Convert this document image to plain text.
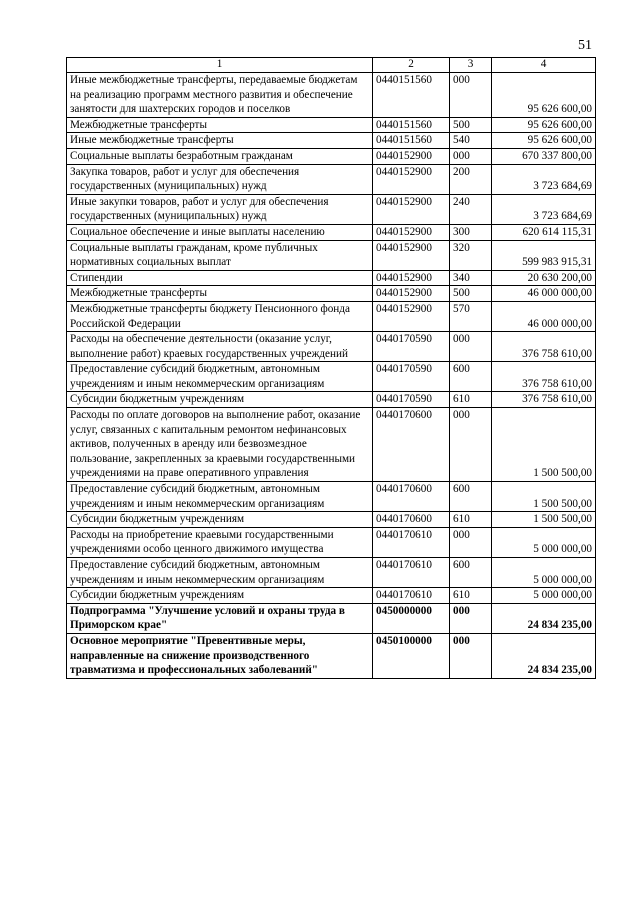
51
1	2	3	4
Иные межбюджетные трансферты, передаваемые бюджетам на реализацию программ местного развития и обеспечение занятости для шахтерских городов и поселков	0440151560	000	95 626 600,00
Межбюджетные трансферты	0440151560	500	95 626 600,00
Иные межбюджетные трансферты	0440151560	540	95 626 600,00
Социальные выплаты безработным гражданам	0440152900	000	670 337 800,00
Закупка товаров, работ и услуг для обеспечения государственных (муниципальных) нужд	0440152900	200	3 723 684,69
Иные закупки товаров, работ и услуг для обеспечения государственных (муниципальных) нужд	0440152900	240	3 723 684,69
Социальное обеспечение и иные выплаты населению	0440152900	300	620 614 115,31
Социальные выплаты гражданам, кроме публичных нормативных социальных выплат	0440152900	320	599 983 915,31
Стипендии	0440152900	340	20 630 200,00
Межбюджетные трансферты	0440152900	500	46 000 000,00
Межбюджетные трансферты бюджету Пенсионного фонда Российской Федерации	0440152900	570	46 000 000,00
Расходы на обеспечение деятельности (оказание услуг, выполнение работ) краевых государственных учреждений	0440170590	000	376 758 610,00
Предоставление субсидий бюджетным, автономным учреждениям и иным некоммерческим организациям	0440170590	600	376 758 610,00
Субсидии бюджетным учреждениям	0440170590	610	376 758 610,00
Расходы по оплате договоров на выполнение работ, оказание услуг, связанных с капитальным ремонтом нефинансовых активов, полученных в аренду или безвозмездное пользование, закрепленных за краевыми государственными учреждениями на праве оперативного управления	0440170600	000	1 500 500,00
Предоставление субсидий бюджетным, автономным учреждениям и иным некоммерческим организациям	0440170600	600	1 500 500,00
Субсидии бюджетным учреждениям	0440170600	610	1 500 500,00
Расходы на приобретение краевыми государственными учреждениями особо ценного движимого имущества	0440170610	000	5 000 000,00
Предоставление субсидий бюджетным, автономным учреждениям и иным некоммерческим организациям	0440170610	600	5 000 000,00
Субсидии бюджетным учреждениям	0440170610	610	5 000 000,00
Подпрограмма "Улучшение условий и охраны труда в Приморском крае"	0450000000	000	24 834 235,00
Основное мероприятие "Превентивные меры, направленные на снижение производственного травматизма и профессиональных заболеваний"	0450100000	000	24 834 235,00
